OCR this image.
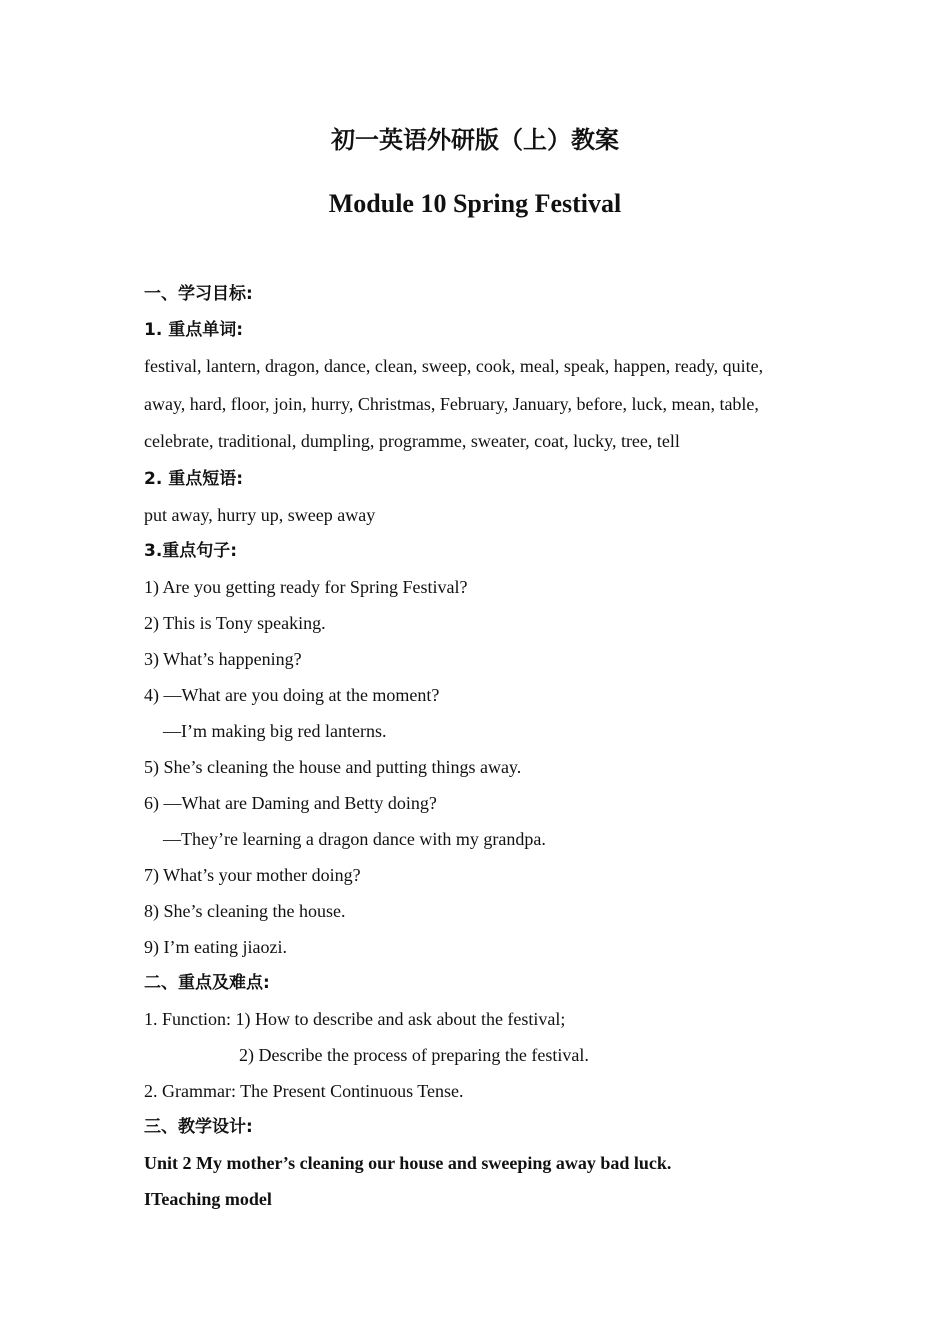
初一英语外研版（上）教案
Module 10 Spring Festival
一、学习目标:
1. 重点单词:
festival, lantern, dragon, dance, clean, sweep, cook, meal, speak, happen, ready, quite,
away, hard, floor, join, hurry, Christmas, February, January, before, luck, mean, table,
celebrate, traditional, dumpling, programme, sweater, coat, lucky, tree, tell
2. 重点短语:
put away, hurry up, sweep away
3.重点句子:
1) Are you getting ready for Spring Festival?
2) This is Tony speaking.
3) What’s happening?
4) —What are you doing at the moment?
—I’m making big red lanterns.
5) She’s cleaning the house and putting things away.
6) —What are Daming and Betty doing?
—They’re learning a dragon dance with my grandpa.
7) What’s your mother doing?
8) She’s cleaning the house.
9) I’m eating jiaozi.
二、重点及难点:
1. Function: 1) How to describe and ask about the festival;
2) Describe the process of preparing the festival.
2. Grammar: The Present Continuous Tense.
三、教学设计:
Unit 2 My mother’s cleaning our house and sweeping away bad luck.
ITeaching model
